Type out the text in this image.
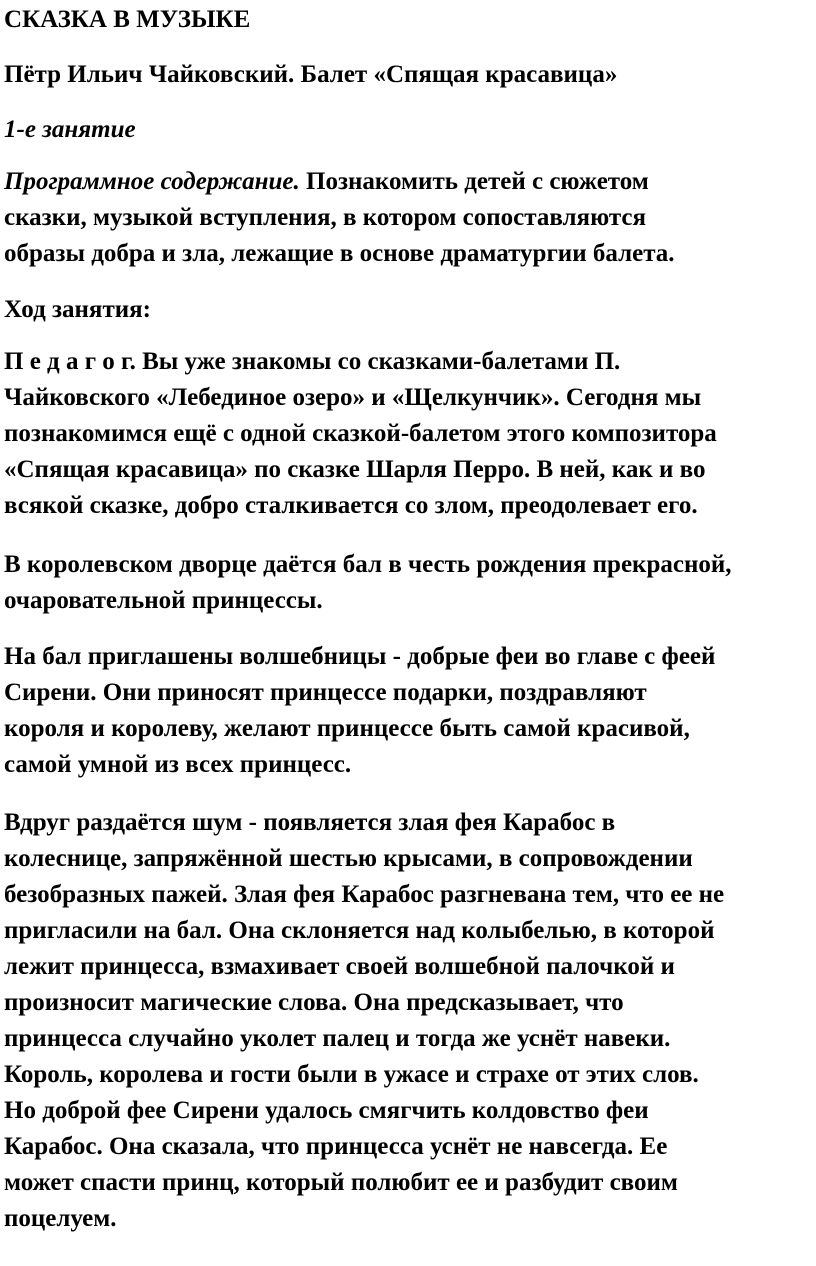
СКАЗКА В МУЗЫКЕ

Пётр Ильич Чайковский. Балет «Спящая красавица»

1-е занятие

Программное содержание. Познакомить детей с сюжетом
сказки, музыкой вступления, в котором сопоставляются
образы добра и зла, лежащие в основе драматургии балета.

Ход занятия:

П е д а г о г. Вы уже знакомы со сказками-балетами П.
Чайковского «Лебединое озеро» и «Щелкунчик». Сегодня мы
познакомимся ещё с одной сказкой-балетом этого композитора
«Спящая красавица» по сказке Шарля Перро. В ней, как и во
всякой сказке, добро сталкивается со злом, преодолевает его.
В королевском дворце даётся бал в честь рождения прекрасной,
очаровательной принцессы.
На бал приглашены волшебницы - добрые феи во главе с феей
Сирени. Они приносят принцессе подарки, поздравляют
короля и королеву, желают принцессе быть самой красивой,
самой умной из всех принцесс.
Вдруг раздаётся шум - появляется злая фея Карабос в
колеснице, запряжённой шестью крысами, в сопровождении
безобразных пажей. Злая фея Карабос разгневана тем, что ее не
пригласили на бал. Она склоняется над колыбелью, в которой
лежит принцесса, взмахивает своей волшебной палочкой и
произносит магические слова. Она предсказывает, что
принцесса случайно уколет палец и тогда же уснёт навеки.
Король, королева и гости были в ужасе и страхе от этих слов.
Но доброй фее Сирени удалось смягчить колдовство феи
Карабос. Она сказала, что принцесса уснёт не навсегда. Ее
может спасти принц, который полюбит ее и разбудит своим
поцелуем.
